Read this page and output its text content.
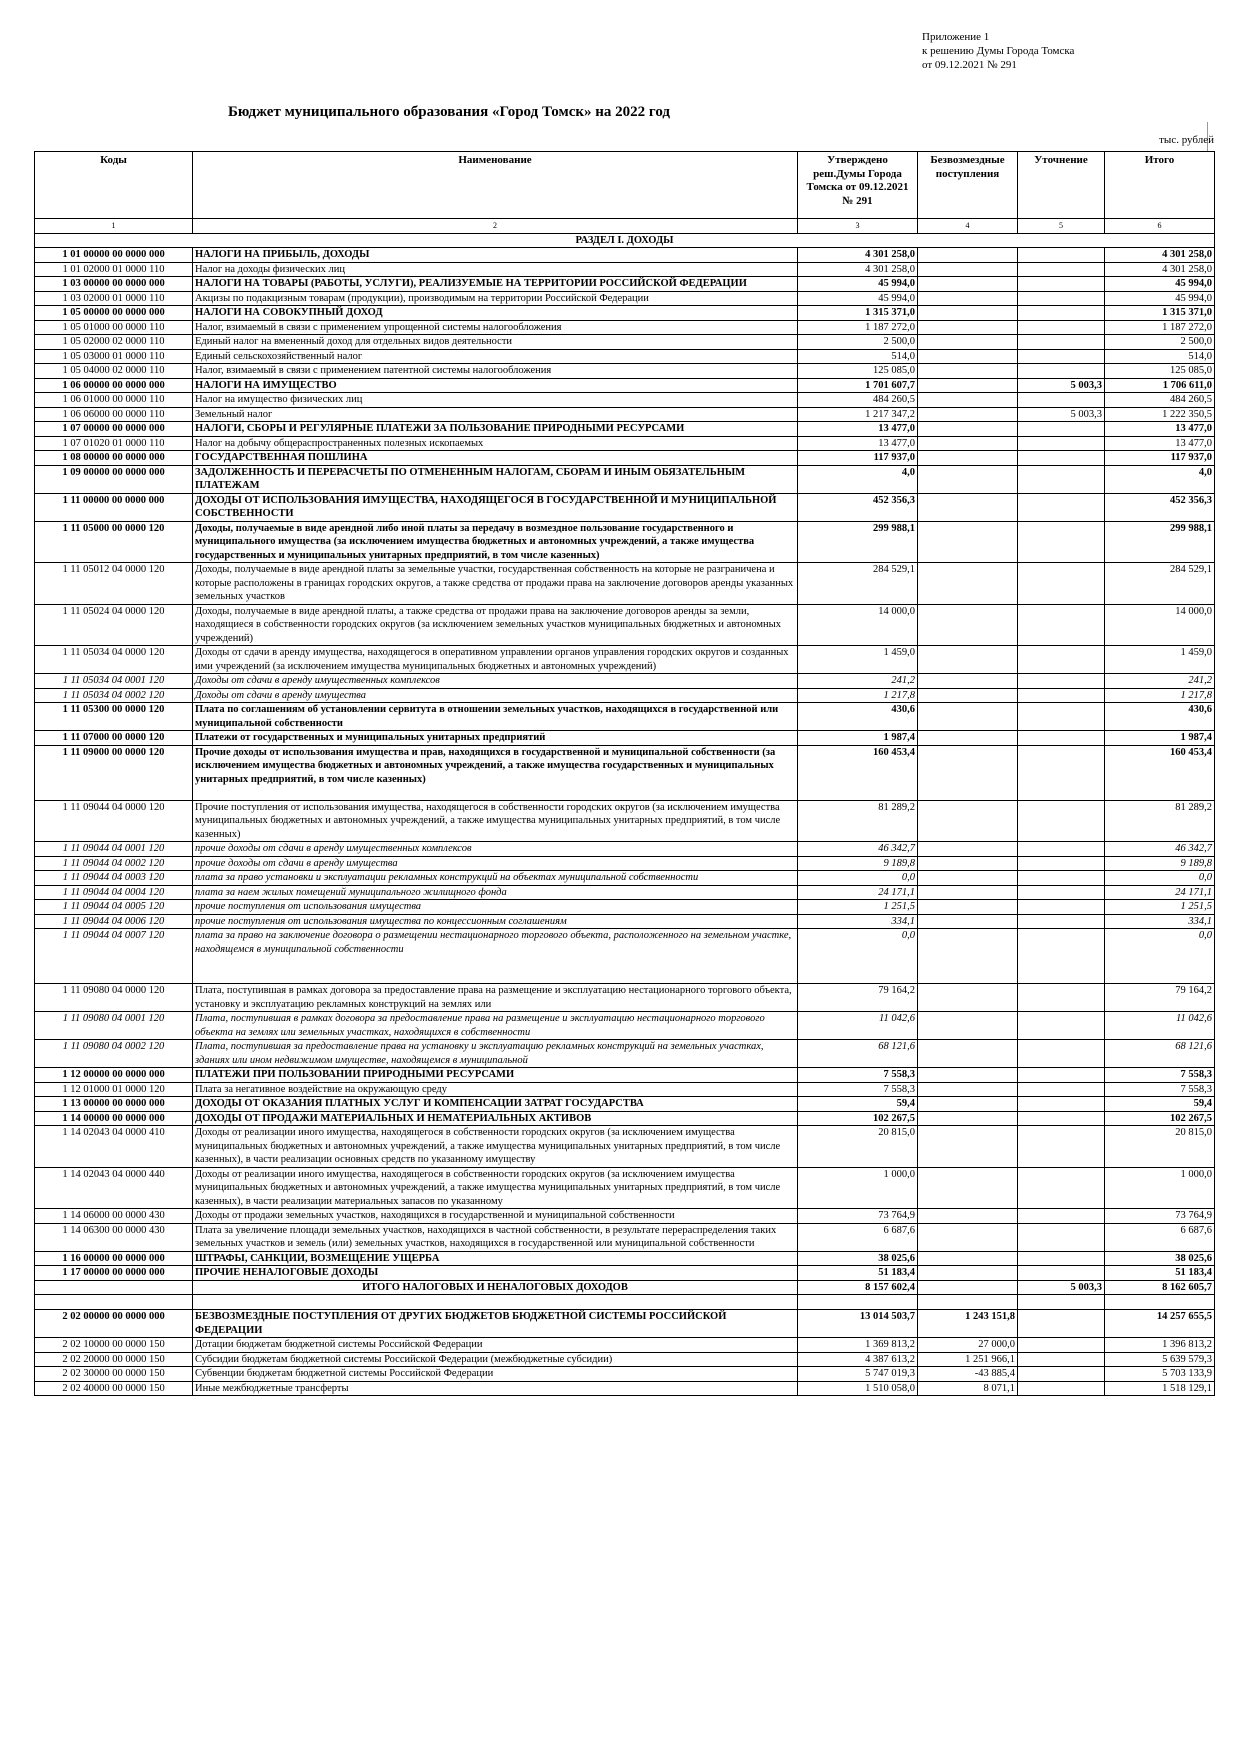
Приложение 1
к решению Думы Города Томска
от 09.12.2021 № 291
Бюджет муниципального образования «Город Томск» на 2022 год
тыс. рублей
Коды	Наименование	Утверждено реш.Думы Города Томска от 09.12.2021 № 291	Безвозмездные поступления	Уточнение	Итого
1	2	3	4	5	6
РАЗДЕЛ I. ДОХОДЫ					
1 01 00000 00 0000 000	НАЛОГИ НА ПРИБЫЛЬ, ДОХОДЫ	4 301 258,0			4 301 258,0
1 01 02000 01 0000 110	Налог на доходы физических лиц	4 301 258,0			4 301 258,0
1 03 00000 00 0000 000	НАЛОГИ НА ТОВАРЫ (РАБОТЫ, УСЛУГИ), РЕАЛИЗУЕМЫЕ НА ТЕРРИТОРИИ РОССИЙСКОЙ ФЕДЕРАЦИИ	45 994,0			45 994,0
1 03 02000 01 0000 110	Акцизы по подакцизным товарам (продукции), производимым на территории Российской Федерации	45 994,0			45 994,0
1 05 00000 00 0000 000	НАЛОГИ НА СОВОКУПНЫЙ ДОХОД	1 315 371,0			1 315 371,0
1 05 01000 00 0000 110	Налог, взимаемый в связи с применением упрощенной системы налогообложения	1 187 272,0			1 187 272,0
1 05 02000 02 0000 110	Единый налог на вмененный доход для отдельных видов деятельности	2 500,0			2 500,0
1 05 03000 01 0000 110	Единый сельскохозяйственный налог	514,0			514,0
1 05 04000 02 0000 110	Налог, взимаемый в связи с применением патентной системы налогообложения	125 085,0			125 085,0
1 06 00000 00 0000 000	НАЛОГИ НА ИМУЩЕСТВО	1 701 607,7		5 003,3	1 706 611,0
1 06 01000 00 0000 110	Налог на имущество физических лиц	484 260,5			484 260,5
1 06 06000 00 0000 110	Земельный налог	1 217 347,2		5 003,3	1 222 350,5
1 07 00000 00 0000 000	НАЛОГИ, СБОРЫ И РЕГУЛЯРНЫЕ ПЛАТЕЖИ ЗА ПОЛЬЗОВАНИЕ ПРИРОДНЫМИ РЕСУРСАМИ	13 477,0			13 477,0
1 07 01020 01 0000 110	Налог на добычу общераспространенных полезных ископаемых	13 477,0			13 477,0
1 08 00000 00 0000 000	ГОСУДАРСТВЕННАЯ ПОШЛИНА	117 937,0			117 937,0
1 09 00000 00 0000 000	ЗАДОЛЖЕННОСТЬ И ПЕРЕРАСЧЕТЫ ПО ОТМЕНЕННЫМ НАЛОГАМ, СБОРАМ И ИНЫМ ОБЯЗАТЕЛЬНЫМ ПЛАТЕЖАМ	4,0			4,0
1 11 00000 00 0000 000	ДОХОДЫ ОТ ИСПОЛЬЗОВАНИЯ ИМУЩЕСТВА, НАХОДЯЩЕГОСЯ В ГОСУДАРСТВЕННОЙ И МУНИЦИПАЛЬНОЙ СОБСТВЕННОСТИ	452 356,3			452 356,3
1 11 05000 00 0000 120	Доходы, получаемые в виде арендной либо иной платы за передачу в возмездное пользование государственного и муниципального имущества (за исключением имущества бюджетных и автономных учреждений, а также имущества государственных и муниципальных унитарных предприятий, в том числе казенных)	299 988,1			299 988,1
1 11 05012 04 0000 120	Доходы, получаемые в виде арендной платы за земельные участки, государственная собственность на которые не разграничена и которые расположены в границах городских округов, а также средства от продажи права на заключение договоров аренды указанных земельных участков	284 529,1			284 529,1
1 11 05024 04 0000 120	Доходы, получаемые в виде арендной платы, а также средства от продажи права на заключение договоров аренды за земли, находящиеся в собственности городских округов (за исключением земельных участков муниципальных бюджетных и автономных учреждений)	14 000,0			14 000,0
1 11 05034 04 0000 120	Доходы от сдачи в аренду имущества, находящегося в оперативном управлении органов управления городских округов и созданных ими учреждений (за исключением имущества муниципальных бюджетных и автономных учреждений)	1 459,0			1 459,0
1 11 05034 04 0001 120	Доходы от сдачи в аренду имущественных комплексов	241,2			241,2
1 11 05034 04 0002 120	Доходы от сдачи в аренду имущества	1 217,8			1 217,8
1 11 05300 00 0000 120	Плата по соглашениям об установлении сервитута в отношении земельных участков, находящихся в государственной или муниципальной собственности	430,6			430,6
1 11 07000 00 0000 120	Платежи от государственных и муниципальных унитарных предприятий	1 987,4			1 987,4
1 11 09000 00 0000 120	Прочие доходы от использования имущества и прав, находящихся в государственной и муниципальной собственности (за исключением имущества бюджетных и автономных учреждений, а также имущества государственных и муниципальных унитарных предприятий, в том числе казенных)	160 453,4			160 453,4
1 11 09044 04 0000 120	Прочие поступления от использования имущества, находящегося в собственности городских округов (за исключением имущества муниципальных бюджетных и автономных учреждений, а также имущества муниципальных унитарных предприятий, в том числе казенных)	81 289,2			81 289,2
1 11 09044 04 0001 120	прочие доходы от сдачи в аренду имущественных комплексов	46 342,7			46 342,7
1 11 09044 04 0002 120	прочие доходы от сдачи в аренду имущества	9 189,8			9 189,8
1 11 09044 04 0003 120	плата за право установки и эксплуатации рекламных конструкций на объектах муниципальной собственности	0,0			0,0
1 11 09044 04 0004 120	плата за наем жилых помещений муниципального жилищного фонда	24 171,1			24 171,1
1 11 09044 04 0005 120	прочие поступления от использования имущества	1 251,5			1 251,5
1 11 09044 04 0006 120	прочие поступления от использования имущества по концессионным соглашениям	334,1			334,1
1 11 09044 04 0007 120	плата за право на заключение договора о размещении нестационарного торгового объекта, расположенного на земельном участке, находящемся в муниципальной собственности	0,0			0,0
1 11 09080 04 0000 120	Плата, поступившая в рамках договора за предоставление права на размещение и эксплуатацию нестационарного торгового объекта, установку и эксплуатацию рекламных конструкций на землях или	79 164,2			79 164,2
1 11 09080 04 0001 120	Плата, поступившая в рамках договора за предоставление права на размещение и эксплуатацию нестационарного торгового объекта на землях или земельных участках, находящихся в собственности	11 042,6			11 042,6
1 11 09080 04 0002 120	Плата, поступившая за предоставление права на установку и эксплуатацию рекламных конструкций на земельных участках, зданиях или ином недвижимом имуществе, находящемся в муниципальной	68 121,6			68 121,6
1 12 00000 00 0000 000	ПЛАТЕЖИ ПРИ ПОЛЬЗОВАНИИ ПРИРОДНЫМИ РЕСУРСАМИ	7 558,3			7 558,3
1 12 01000 01 0000 120	Плата за негативное воздействие на окружающую среду	7 558,3			7 558,3
1 13 00000 00 0000 000	ДОХОДЫ ОТ ОКАЗАНИЯ ПЛАТНЫХ УСЛУГ И КОМПЕНСАЦИИ ЗАТРАТ ГОСУДАРСТВА	59,4			59,4
1 14 00000 00 0000 000	ДОХОДЫ ОТ ПРОДАЖИ МАТЕРИАЛЬНЫХ И НЕМАТЕРИАЛЬНЫХ АКТИВОВ	102 267,5			102 267,5
1 14 02043 04 0000 410	Доходы от реализации иного имущества, находящегося в собственности городских округов (за исключением имущества муниципальных бюджетных и автономных учреждений, а также имущества муниципальных унитарных предприятий, в том числе казенных), в части реализации основных средств по указанному имуществу	20 815,0			20 815,0
1 14 02043 04 0000 440	Доходы от реализации иного имущества, находящегося в собственности городских округов (за исключением имущества муниципальных бюджетных и автономных учреждений, а также имущества муниципальных унитарных предприятий, в том числе казенных), в части реализации материальных запасов по указанному	1 000,0			1 000,0
1 14 06000 00 0000 430	Доходы от продажи земельных участков, находящихся в государственной и муниципальной собственности	73 764,9			73 764,9
1 14 06300 00 0000 430	Плата за увеличение площади земельных участков, находящихся в частной собственности, в результате перераспределения таких земельных участков и земель (или) земельных участков, находящихся в государственной или муниципальной собственности	6 687,6			6 687,6
1 16 00000 00 0000 000	ШТРАФЫ, САНКЦИИ, ВОЗМЕЩЕНИЕ УЩЕРБА	38 025,6			38 025,6
1 17 00000 00 0000 000	ПРОЧИЕ НЕНАЛОГОВЫЕ ДОХОДЫ	51 183,4			51 183,4
	ИТОГО НАЛОГОВЫХ И НЕНАЛОГОВЫХ ДОХОДОВ	8 157 602,4		5 003,3	8 162 605,7

2 02 00000 00 0000 000	БЕЗВОЗМЕЗДНЫЕ ПОСТУПЛЕНИЯ ОТ ДРУГИХ БЮДЖЕТОВ БЮДЖЕТНОЙ СИСТЕМЫ РОССИЙСКОЙ ФЕДЕРАЦИИ	13 014 503,7	1 243 151,8		14 257 655,5
2 02 10000 00 0000 150	Дотации бюджетам бюджетной системы Российской Федерации	1 369 813,2	27 000,0		1 396 813,2
2 02 20000 00 0000 150	Субсидии бюджетам бюджетной системы Российской Федерации (межбюджетные субсидии)	4 387 613,2	1 251 966,1		5 639 579,3
2 02 30000 00 0000 150	Субвенции бюджетам бюджетной системы Российской Федерации	5 747 019,3	-43 885,4		5 703 133,9
2 02 40000 00 0000 150	Иные межбюджетные трансферты	1 510 058,0	8 071,1		1 518 129,1
